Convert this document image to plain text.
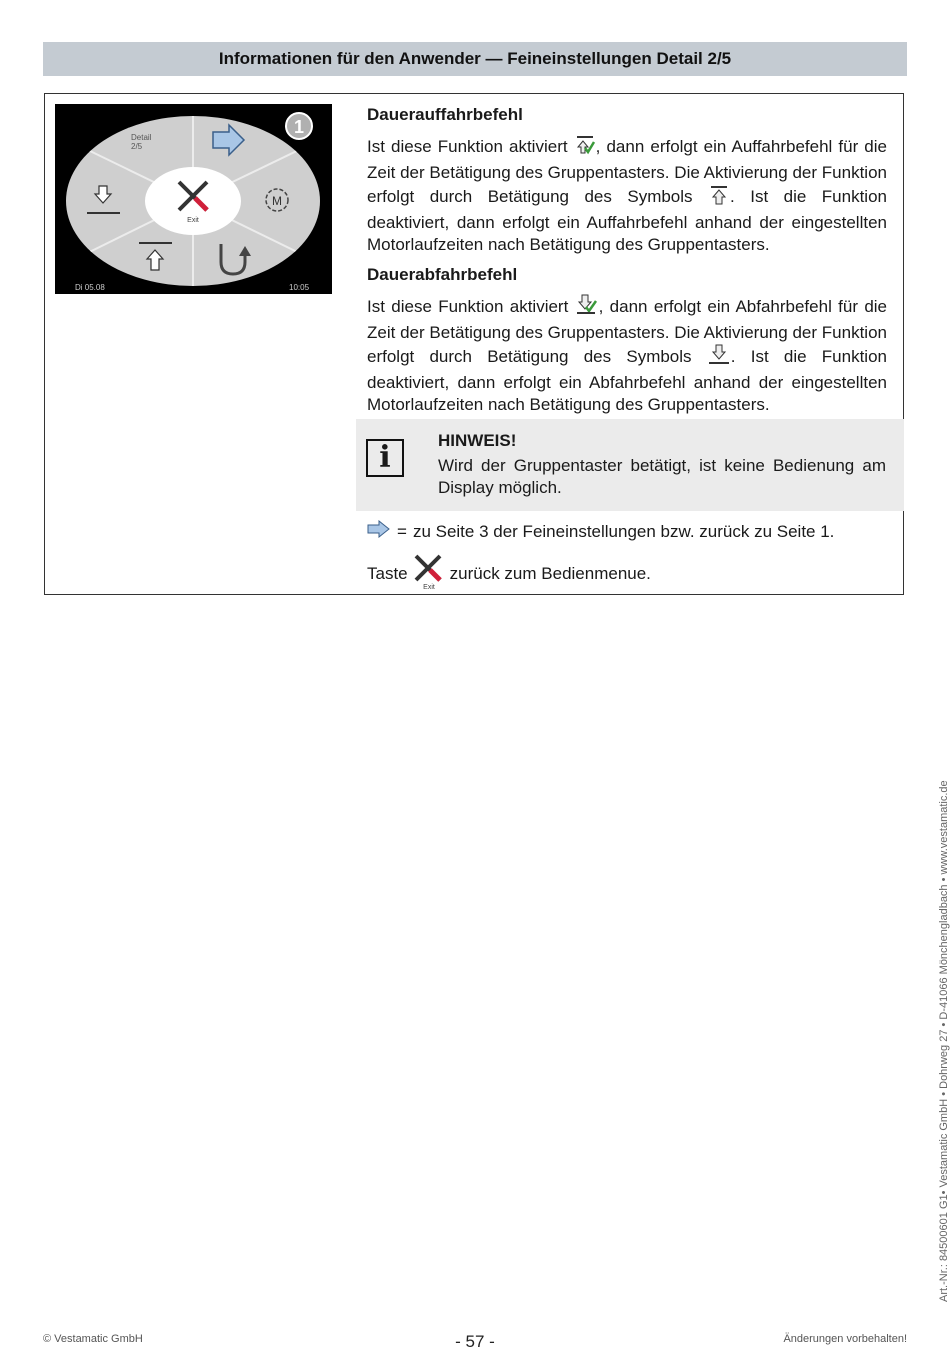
Informationen für den Anwender — Feineinstellungen Detail 2/5
Detail
2/5
1
Exit
M
Di 05.08	10:05
Dauerauffahrbefehl

Ist diese Funktion aktiviert , dann erfolgt ein Auffahrbefehl für die Zeit der Betätigung des Gruppentasters. Die Aktivierung der Funktion erfolgt durch Betätigung des Symbols . Ist die Funktion deaktiviert, dann erfolgt ein Auffahrbefehl anhand der eingestellten Motorlaufzeiten nach Betätigung des Gruppentasters.

Dauerabfahrbefehl

Ist diese Funktion aktiviert , dann erfolgt ein Abfahrbefehl für die Zeit der Betätigung des Gruppentasters. Die Aktivierung der Funktion erfolgt durch Betätigung des Symbols . Ist die Funktion deaktiviert, dann erfolgt ein Abfahrbefehl anhand der eingestellten Motorlaufzeiten nach Betätigung des Gruppentasters.

i	HINWEIS!
Wird der Gruppentaster betätigt, ist keine Bedienung am Display möglich.
= zu Seite 3 der Feineinstellungen bzw. zurück zu Seite 1.
Taste
Exit
zurück zum Bedienmenue.
© Vestamatic GmbH	- 57 -	Änderungen vorbehalten!
Art.-Nr.: 84500601 G1• Vestamatic GmbH • Dohrweg 27 • D-41066 Mönchengladbach • www.vestamatic.de
